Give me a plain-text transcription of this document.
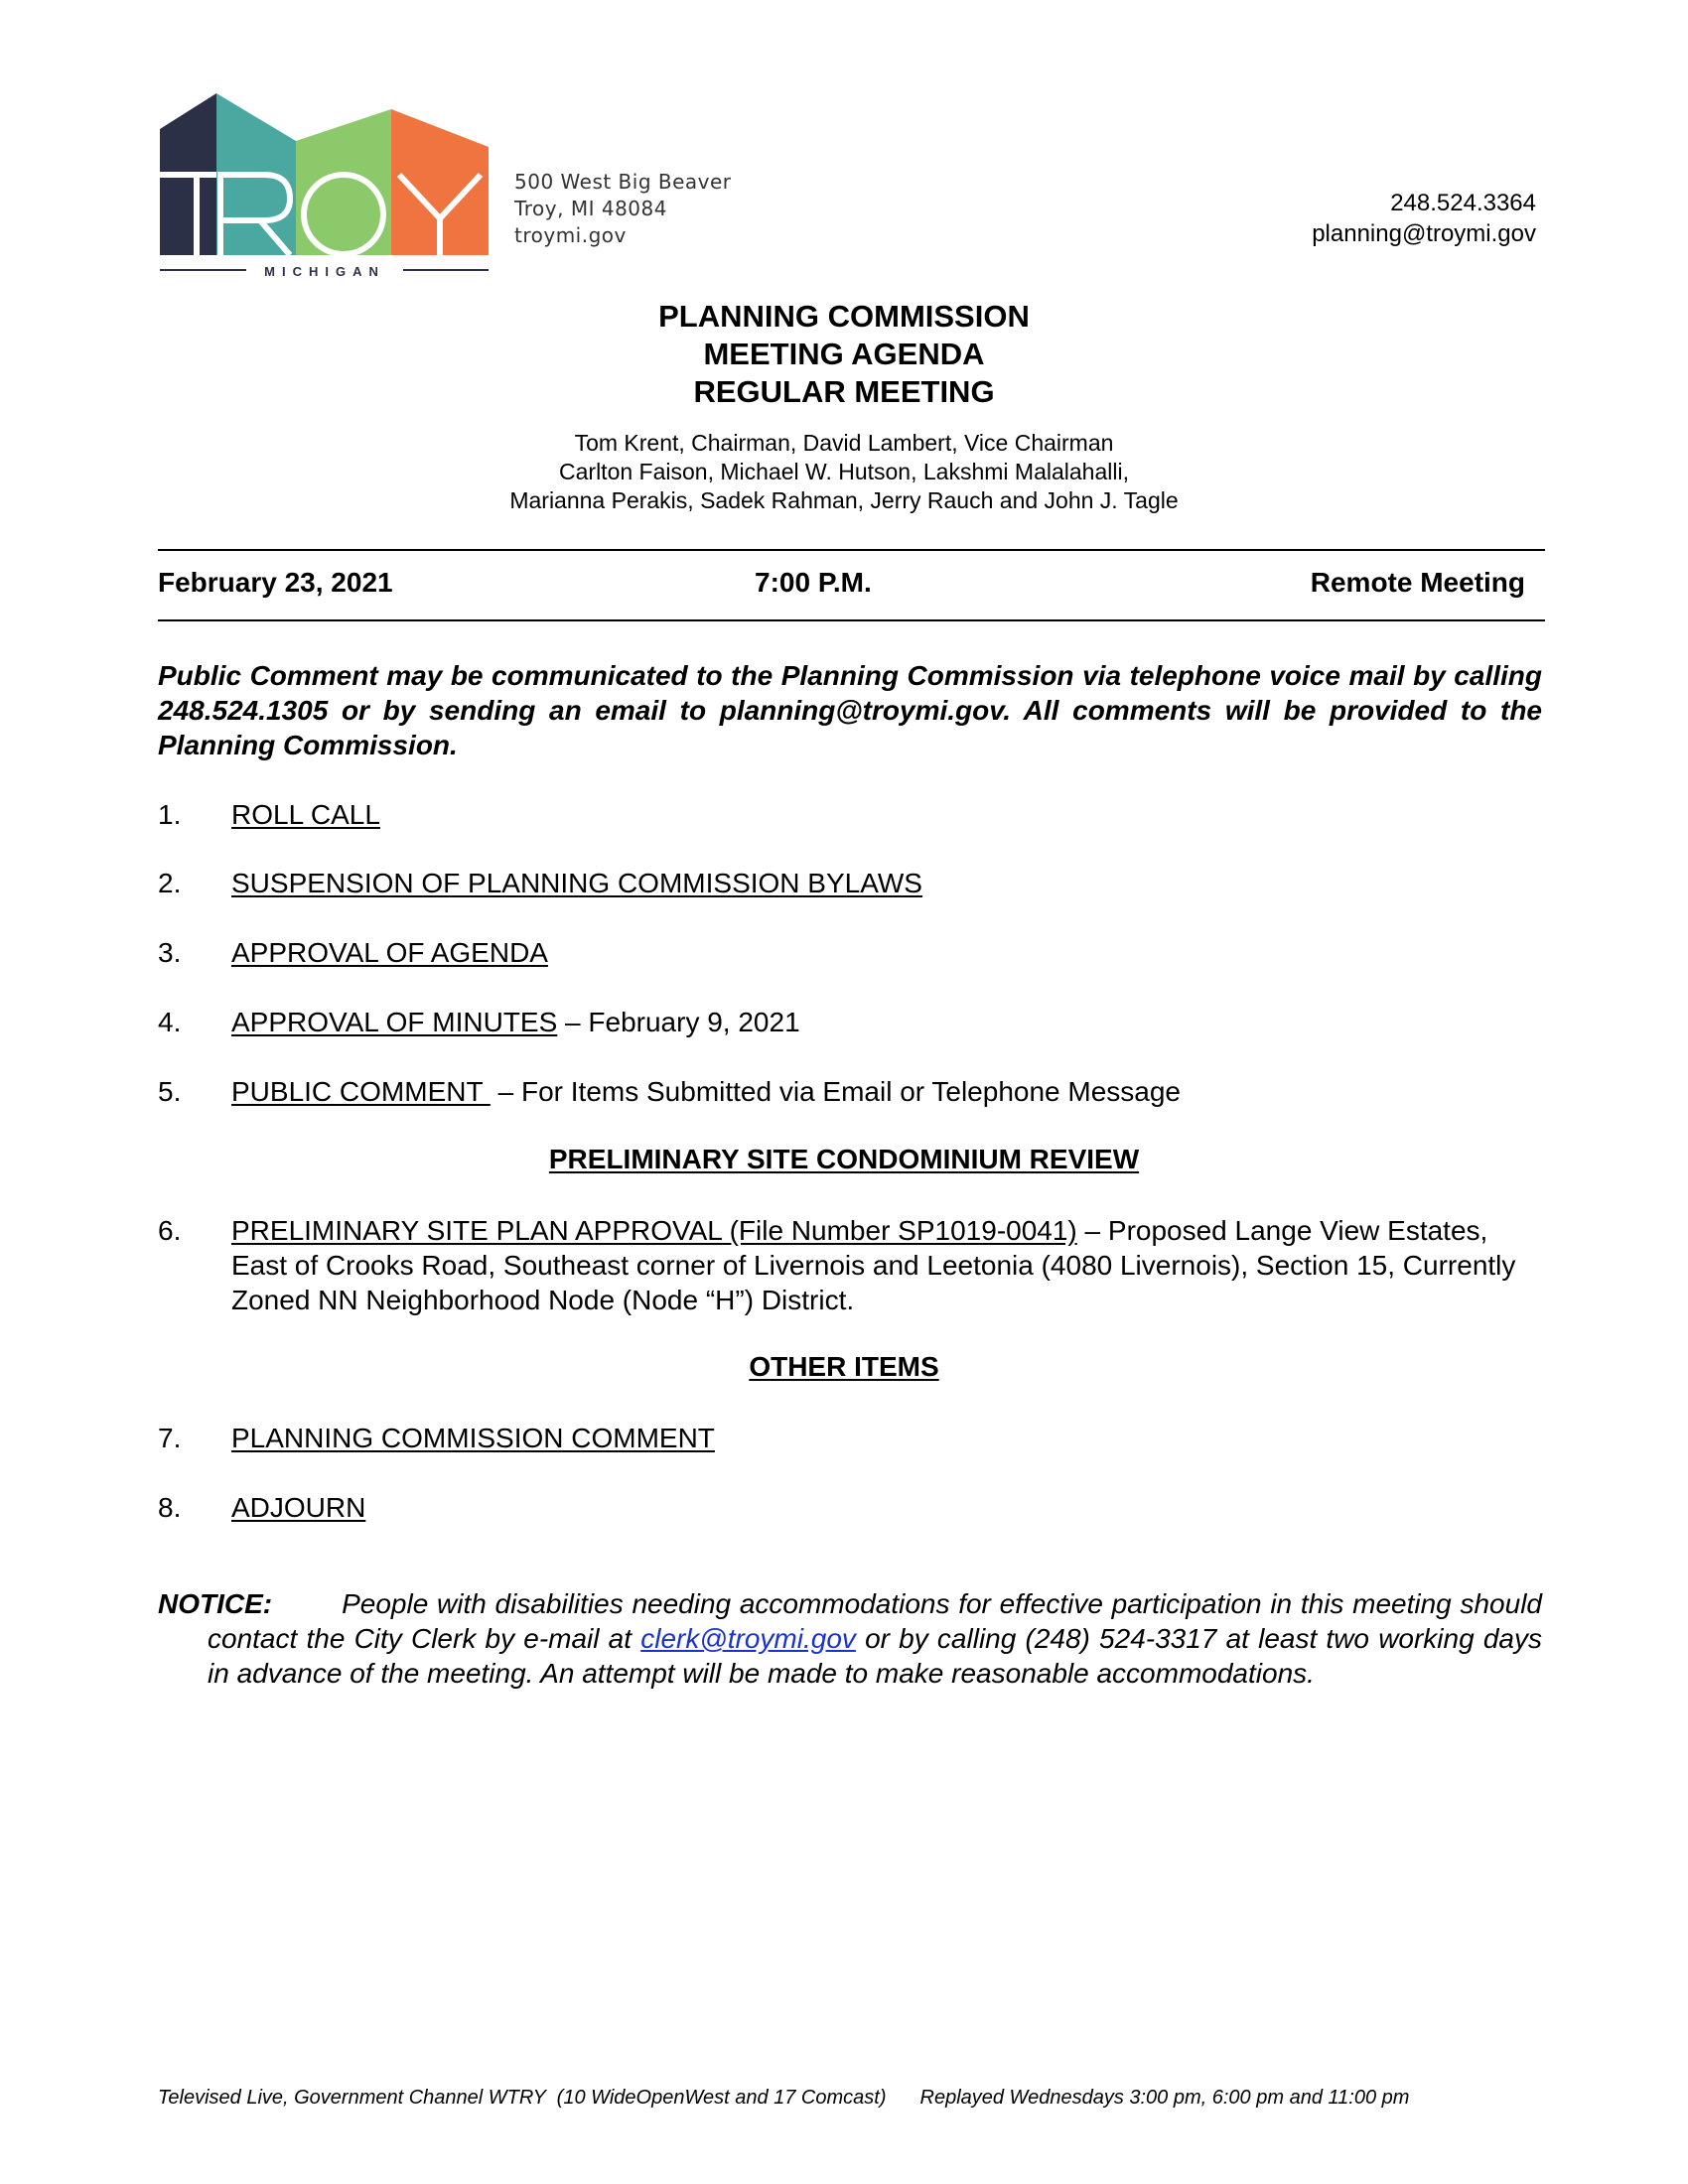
MICHIGAN
500 West Big Beaver
Troy, MI 48084
troymi.gov
248.524.3364
planning@troymi.gov
PLANNING COMMISSION
MEETING AGENDA
REGULAR MEETING
Tom Krent, Chairman, David Lambert, Vice Chairman
Carlton Faison, Michael W. Hutson, Lakshmi Malalahalli,
Marianna Perakis, Sadek Rahman, Jerry Rauch and John J. Tagle
February 23, 2021	7:00 P.M.	Remote Meeting
Public Comment may be communicated to the Planning Commission via telephone voice mail by calling 248.524.1305 or by sending an email to planning@troymi.gov. All comments will be provided to the Planning Commission.
1. ROLL CALL
2. SUSPENSION OF PLANNING COMMISSION BYLAWS
3. APPROVAL OF AGENDA
4. APPROVAL OF MINUTES – February 9, 2021
5. PUBLIC COMMENT  – For Items Submitted via Email or Telephone Message
PRELIMINARY SITE CONDOMINIUM REVIEW
6. PRELIMINARY SITE PLAN APPROVAL (File Number SP1019-0041) – Proposed Lange View Estates, East of Crooks Road, Southeast corner of Livernois and Leetonia (4080 Livernois), Section 15, Currently Zoned NN Neighborhood Node (Node “H”) District.
OTHER ITEMS
7. PLANNING COMMISSION COMMENT
8. ADJOURN

NOTICE:	People with disabilities needing accommodations for effective participation in this meeting should contact the City Clerk by e-mail at clerk@troymi.gov or by calling (248) 524-3317 at least two working days in advance of the meeting. An attempt will be made to make reasonable accommodations.

Televised Live, Government Channel WTRY  (10 WideOpenWest and 17 Comcast) Replayed Wednesdays 3:00 pm, 6:00 pm and 11:00 pm
